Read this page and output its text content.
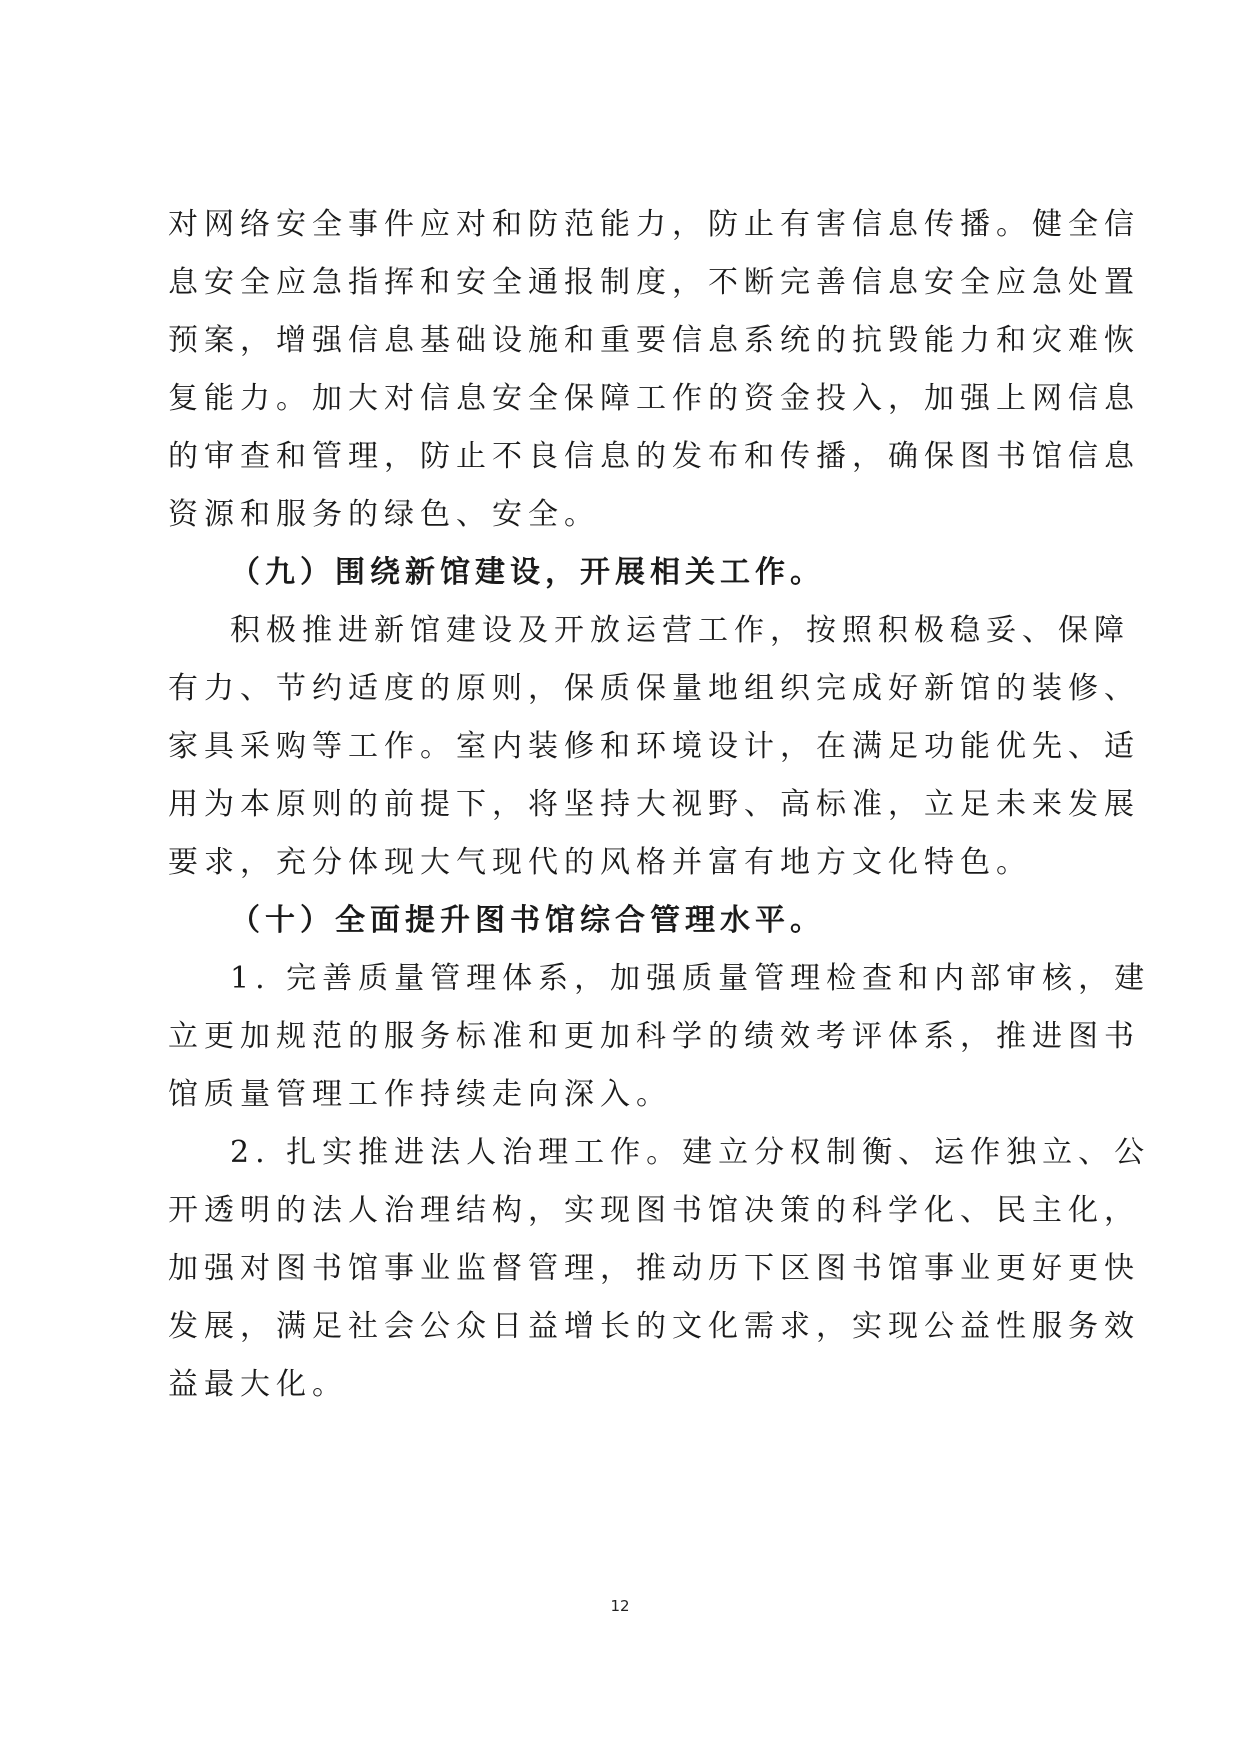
对网络安全事件应对和防范能力，防止有害信息传播。健全信
息安全应急指挥和安全通报制度，不断完善信息安全应急处置
预案，增强信息基础设施和重要信息系统的抗毁能力和灾难恢
复能力。加大对信息安全保障工作的资金投入，加强上网信息
的审查和管理，防止不良信息的发布和传播，确保图书馆信息
资源和服务的绿色、安全。
（九）围绕新馆建设，开展相关工作。
积极推进新馆建设及开放运营工作，按照积极稳妥、保障
有力、节约适度的原则，保质保量地组织完成好新馆的装修、
家具采购等工作。室内装修和环境设计，在满足功能优先、适
用为本原则的前提下，将坚持大视野、高标准，立足未来发展
要求，充分体现大气现代的风格并富有地方文化特色。
（十）全面提升图书馆综合管理水平。
1. 完善质量管理体系，加强质量管理检查和内部审核，建
立更加规范的服务标准和更加科学的绩效考评体系，推进图书
馆质量管理工作持续走向深入。
2. 扎实推进法人治理工作。建立分权制衡、运作独立、公
开透明的法人治理结构，实现图书馆决策的科学化、民主化，
加强对图书馆事业监督管理，推动历下区图书馆事业更好更快
发展，满足社会公众日益增长的文化需求，实现公益性服务效
益最大化。
12
